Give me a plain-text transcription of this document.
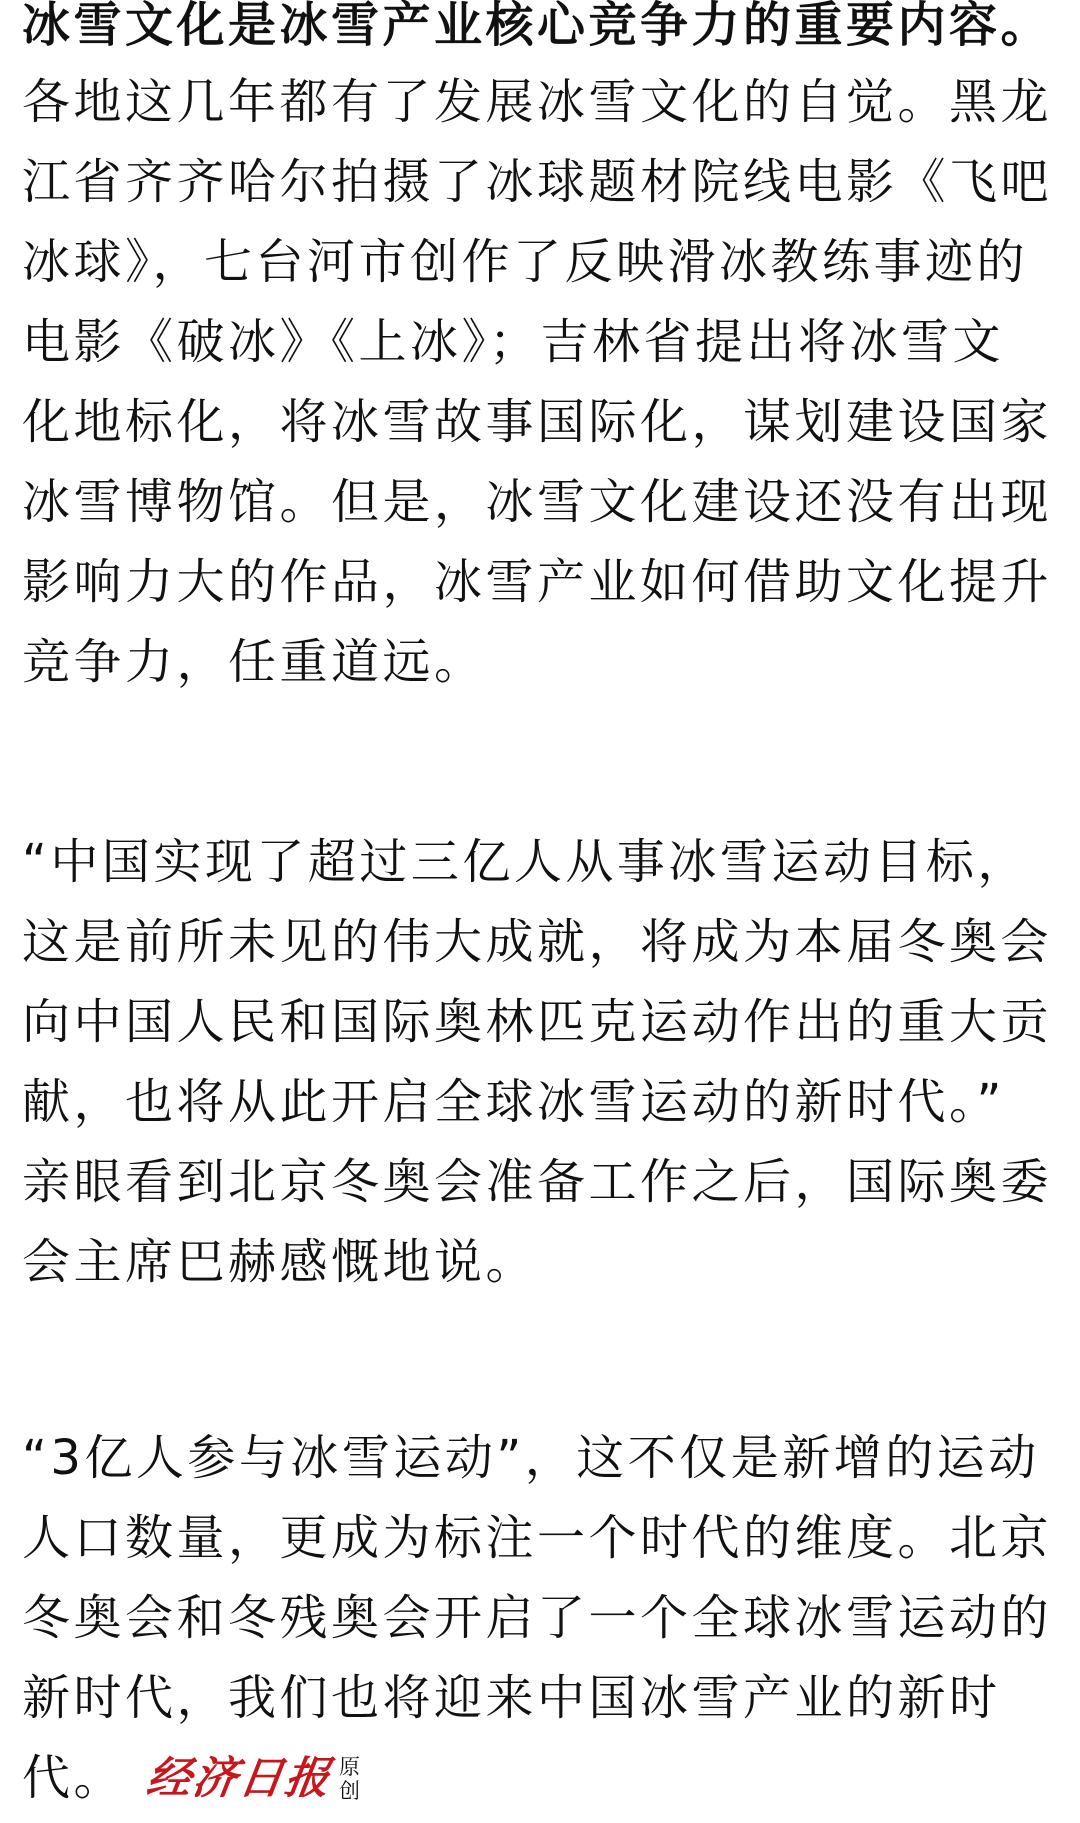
冰雪文化是冰雪产业核心竞争力的重要内容。
各地这几年都有了发展冰雪文化的自觉。黑龙
江省齐齐哈尔拍摄了冰球题材院线电影《飞吧
冰球》，七台河市创作了反映滑冰教练事迹的
电影《破冰》《上冰》；吉林省提出将冰雪文
化地标化，将冰雪故事国际化，谋划建设国家
冰雪博物馆。但是，冰雪文化建设还没有出现
影响力大的作品，冰雪产业如何借助文化提升
竞争力，任重道远。
“中国实现了超过三亿人从事冰雪运动目标，
这是前所未见的伟大成就，将成为本届冬奥会
向中国人民和国际奥林匹克运动作出的重大贡
献，也将从此开启全球冰雪运动的新时代。”
亲眼看到北京冬奥会准备工作之后，国际奥委
会主席巴赫感慨地说。
“3亿人参与冰雪运动”，这不仅是新增的运动
人口数量，更成为标注一个时代的维度。北京
冬奥会和冬残奥会开启了一个全球冰雪运动的
新时代，我们也将迎来中国冰雪产业的新时
代。 经济日报 原创
